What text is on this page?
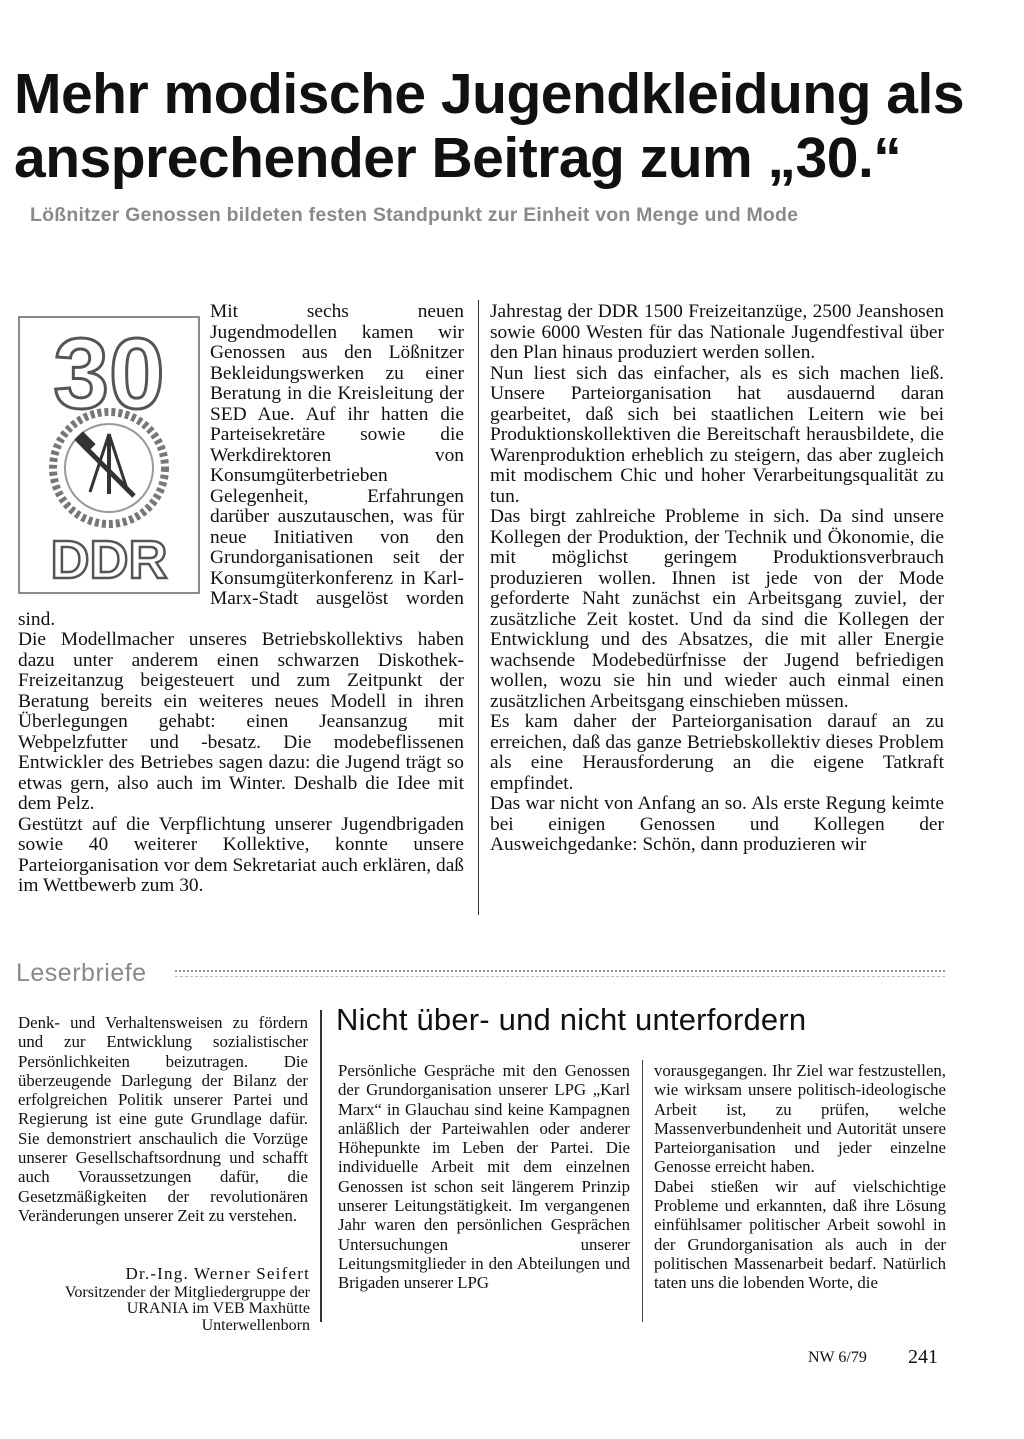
Mehr modische Jugendkleidung als ansprechender Beitrag zum „30.“
Lößnitzer Genossen bildeten festen Standpunkt zur Einheit von Menge und Mode
30
DDR

Mit sechs neuen Jugendmodellen kamen wir Genossen aus den Lößnitzer Bekleidungswerken zu einer Beratung in die Kreisleitung der SED Aue. Auf ihr hatten die Parteisekretäre sowie die Werkdirektoren von Konsumgüterbetrieben Gelegenheit, Erfahrungen darüber auszutauschen, was für neue Initiativen von den Grundorganisationen seit der Konsumgüterkonferenz in Karl-Marx-Stadt ausgelöst worden sind.

Die Modellmacher unseres Betriebskollektivs haben dazu unter anderem einen schwarzen Diskothek-Freizeitanzug beigesteuert und zum Zeitpunkt der Beratung bereits ein weiteres neues Modell in ihren Überlegungen gehabt: einen Jeansanzug mit Webpelzfutter und -besatz. Die modebeflissenen Entwickler des Betriebes sagen dazu: die Jugend trägt so etwas gern, also auch im Winter. Deshalb die Idee mit dem Pelz.

Gestützt auf die Verpflichtung unserer Jugendbrigaden sowie 40 weiterer Kollektive, konnte unsere Parteiorganisation vor dem Sekretariat auch erklären, daß im Wettbewerb zum 30.

Jahrestag der DDR 1500 Freizeitanzüge, 2500 Jeanshosen sowie 6000 Westen für das Nationale Jugendfestival über den Plan hinaus produziert werden sollen.

Nun liest sich das einfacher, als es sich machen ließ. Unsere Parteiorganisation hat ausdauernd daran gearbeitet, daß sich bei staatlichen Leitern wie bei Produktionskollektiven die Bereitschaft herausbildete, die Warenproduktion erheblich zu steigern, das aber zugleich mit modischem Chic und hoher Verarbeitungsqualität zu tun.

Das birgt zahlreiche Probleme in sich. Da sind unsere Kollegen der Produktion, der Technik und Ökonomie, die mit möglichst geringem Produktionsverbrauch produzieren wollen. Ihnen ist jede von der Mode geforderte Naht zunächst ein Arbeitsgang zuviel, der zusätzliche Zeit kostet. Und da sind die Kollegen der Entwicklung und des Absatzes, die mit aller Energie wachsende Modebedürfnisse der Jugend befriedigen wollen, wozu sie hin und wieder auch einmal einen zusätzlichen Arbeitsgang einschieben müssen.

Es kam daher der Parteiorganisation darauf an zu erreichen, daß das ganze Betriebskollektiv dieses Problem als eine Herausforderung an die eigene Tatkraft empfindet.

Das war nicht von Anfang an so. Als erste Regung keimte bei einigen Genossen und Kollegen der Ausweichgedanke: Schön, dann produzieren wir

Leserbriefe
Denk- und Verhaltensweisen zu fördern und zur Entwicklung sozialistischer Persönlichkeiten beizutragen. Die überzeugende Darlegung der Bilanz der erfolgreichen Politik unserer Partei und Regierung ist eine gute Grundlage dafür. Sie demonstriert anschaulich die Vorzüge unserer Gesellschaftsordnung und schafft auch Voraussetzungen dafür, die Gesetzmäßigkeiten der revolutionären Veränderungen unserer Zeit zu verstehen.
Dr.-Ing. Werner Seifert
Vorsitzender der Mitgliedergruppe der
URANIA im VEB Maxhütte
Unterwellenborn
Nicht über- und nicht unterfordern
Persönliche Gespräche mit den Genossen der Grundorganisation unserer LPG „Karl Marx“ in Glauchau sind keine Kampagnen anläßlich der Parteiwahlen oder anderer Höhepunkte im Leben der Partei. Die individuelle Arbeit mit dem einzelnen Genossen ist schon seit längerem Prinzip unserer Leitungstätigkeit. Im vergangenen Jahr waren den persönlichen Gesprächen Untersuchungen unserer Leitungsmitglieder in den Abteilungen und Brigaden unserer LPG

vorausgegangen. Ihr Ziel war festzustellen, wie wirksam unsere politisch-ideologische Arbeit ist, zu prüfen, welche Massenverbundenheit und Autorität unsere Parteiorganisation und jeder einzelne Genosse erreicht haben.

Dabei stießen wir auf vielschichtige Probleme und erkannten, daß ihre Lösung einfühlsamer politischer Arbeit sowohl in der Grundorganisation als auch in der politischen Massenarbeit bedarf. Natürlich taten uns die lobenden Worte, die

NW 6/79 241
